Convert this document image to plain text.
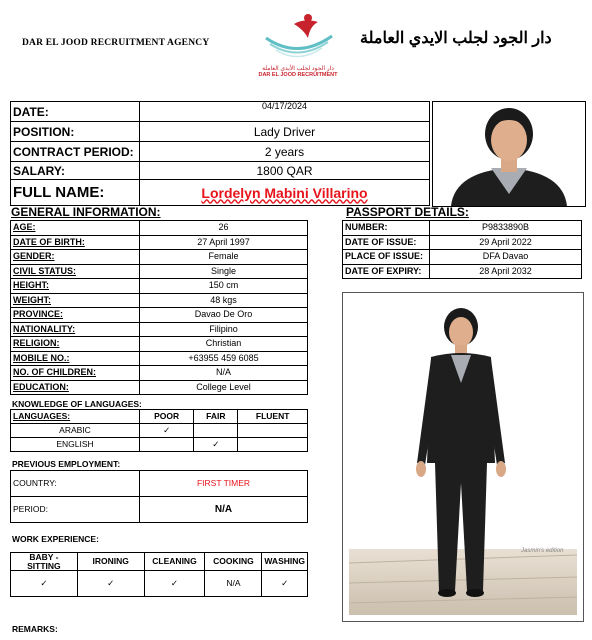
DAR EL JOOD RECRUITMENT AGENCY
دار الجود لجلب الأيدي العاملة
DAR EL JOOD RECRUITMENT
دار الجود لجلب الايدي العاملة
DATE:	04/17/2024
POSITION:	Lady Driver
CONTRACT PERIOD:	2 years
SALARY:	1800 QAR
FULL NAME:	Lordelyn Mabini Villarino
GENERAL INFORMATION:
AGE:	26
DATE OF BIRTH:	27 April 1997
GENDER:	Female
CIVIL STATUS:	Single
HEIGHT:	150 cm
WEIGHT:	48 kgs
PROVINCE:	Davao De Oro
NATIONALITY:	Filipino
RELIGION:	Christian
MOBILE NO.:	+63955 459 6085
NO. OF CHILDREN:	N/A
EDUCATION:	College Level
PASSPORT DETAILS:
NUMBER:	P9833890B
DATE OF ISSUE:	29 April 2022
PLACE OF ISSUE:	DFA Davao
DATE OF EXPIRY:	28 April 2032
Jasmin's edition
KNOWLEDGE OF LANGUAGES:
LANGUAGES:	POOR	FAIR	FLUENT
ARABIC	✓		
ENGLISH		✓	
PREVIOUS EMPLOYMENT:
COUNTRY:	FIRST TIMER
PERIOD:	N/A
WORK EXPERIENCE:
BABY - SITTING	IRONING	CLEANING	COOKING	WASHING
✓	✓	✓	N/A	✓
REMARKS:
